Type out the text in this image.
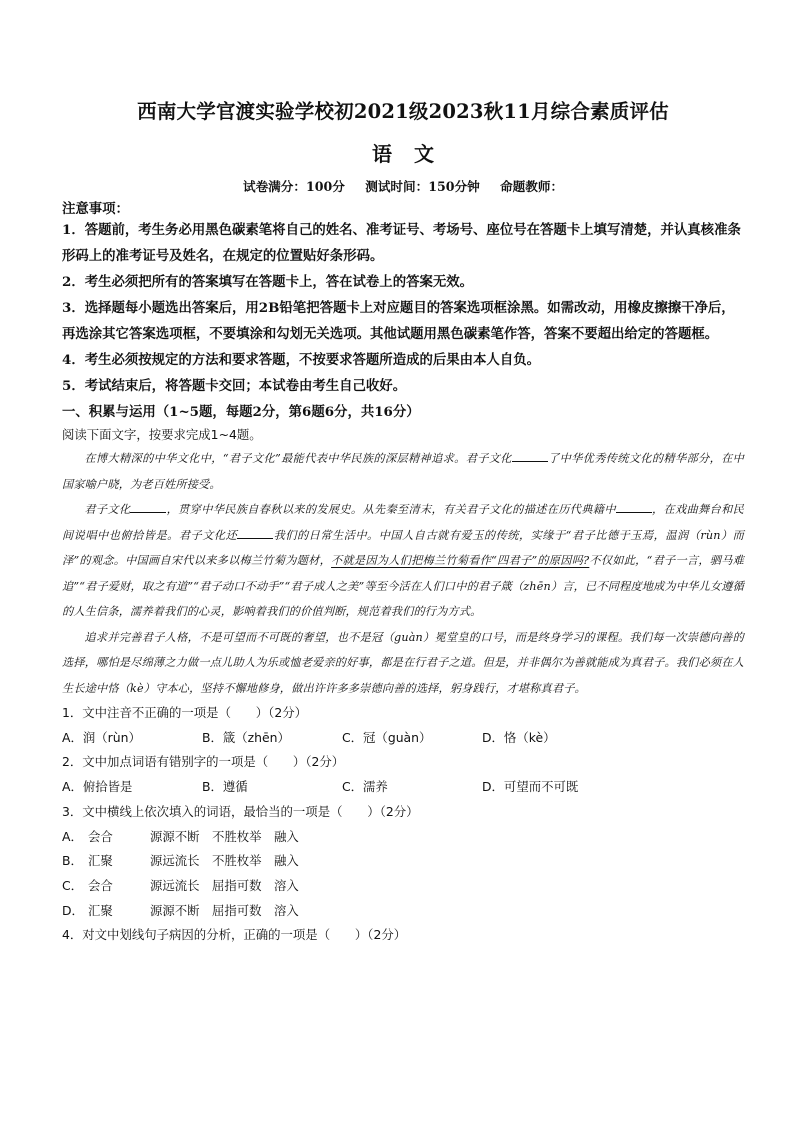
西南大学官渡实验学校初2021级2023秋11月综合素质评估
语文
试卷满分：100分 测试时间：150分钟 命题教师：
注意事项：

1．答题前，考生务必用黑色碳素笔将自己的姓名、准考证号、考场号、座位号在答题卡上填写清楚，并认真核准条形码上的准考证号及姓名，在规定的位置贴好条形码。

2．考生必须把所有的答案填写在答题卡上，答在试卷上的答案无效。

3．选择题每小题选出答案后，用2B铅笔把答题卡上对应题目的答案选项框涂黑。如需改动，用橡皮擦擦干净后，再选涂其它答案选项框，不要填涂和勾划无关选项。其他试题用黑色碳素笔作答，答案不要超出给定的答题框。

4．考生必须按规定的方法和要求答题，不按要求答题所造成的后果由本人自负。

5．考试结束后，将答题卡交回；本试卷由考生自己收好。

一、积累与运用（1~5题，每题2分，第6题6分，共16分）
阅读下面文字，按要求完成1~4题。

在博大精深的中华文化中，“君子文化”最能代表中华民族的深层精神追求。君子文化	了中华优秀传统文化的精华部分，在中国家喻户晓，为老百姓所接受。

君子文化	，贯穿中华民族自春秋以来的发展史。从先秦至清末，有关君子文化的描述在历代典籍中	，在戏曲舞台和民间说唱中也俯拾皆是。君子文化还	我们的日常生活中。中国人自古就有爱玉的传统，实缘于“君子比德于玉焉，温润（rùn）而泽”的观念。中国画自宋代以来多以梅兰竹菊为题材，不就是因为人们把梅兰竹菊看作“四君子”的原因吗?不仅如此，“君子一言，驷马难追”“君子爱财，取之有道”“君子动口不动手”“君子成人之美”等至今活在人们口中的君子箴（zhēn）言，已不同程度地成为中华儿女遵循的人生信条，濡养着我们的心灵，影响着我们的价值判断，规范着我们的行为方式。

追求并完善君子人格，不是可望而不可既的奢望，也不是冠（guàn）冕堂皇的口号，而是终身学习的课程。我们每一次崇德向善的选择，哪怕是尽绵薄之力做一点儿助人为乐或恤老爱亲的好事，都是在行君子之道。但是，并非偶尔为善就能成为真君子。我们必须在人生长途中恪（kè）守本心，坚持不懈地修身，做出许许多多崇德向善的选择，躬身践行，才堪称真君子。

1．文中注音不正确的一项是（　　）（2分）

A．润（rùn）	B．箴（zhēn）	C．冠（guàn）	D．恪（kè）

2．文中加点词语有错别字的一项是（　　）（2分）

A．俯拾皆是	B．遵循	C．濡养	D．可望而不可既

3．文中横线上依次填入的词语，最恰当的一项是（　　）（2分）

A． 会合	源源不断 不胜枚举 融入
B． 汇聚	源远流长 不胜枚举 融入
C． 会合	源远流长 屈指可数 溶入
D． 汇聚	源源不断 屈指可数 溶入

4．对文中划线句子病因的分析，正确的一项是（　　）（2分）
